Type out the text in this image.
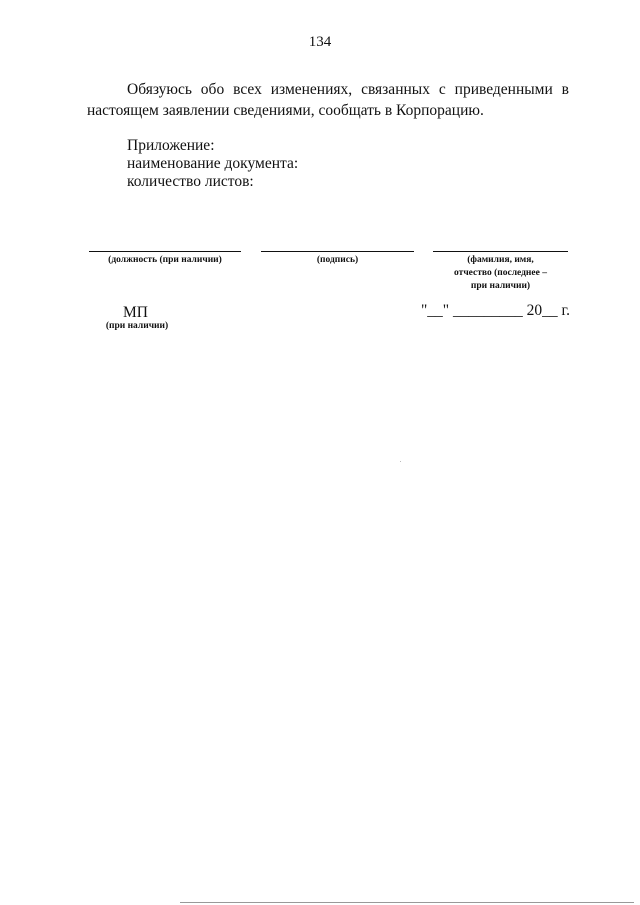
134

Обязуюсь обо всех изменениях, связанных с приведенными в настоящем заявлении сведениями, сообщать в Корпорацию.

Приложение:
наименование документа:
количество листов:
(должность (при наличии)	(подпись)	(фамилия, имя,
отчество (последнее –
при наличии)
МП
(при наличии)
"__" _________ 20__ г.
